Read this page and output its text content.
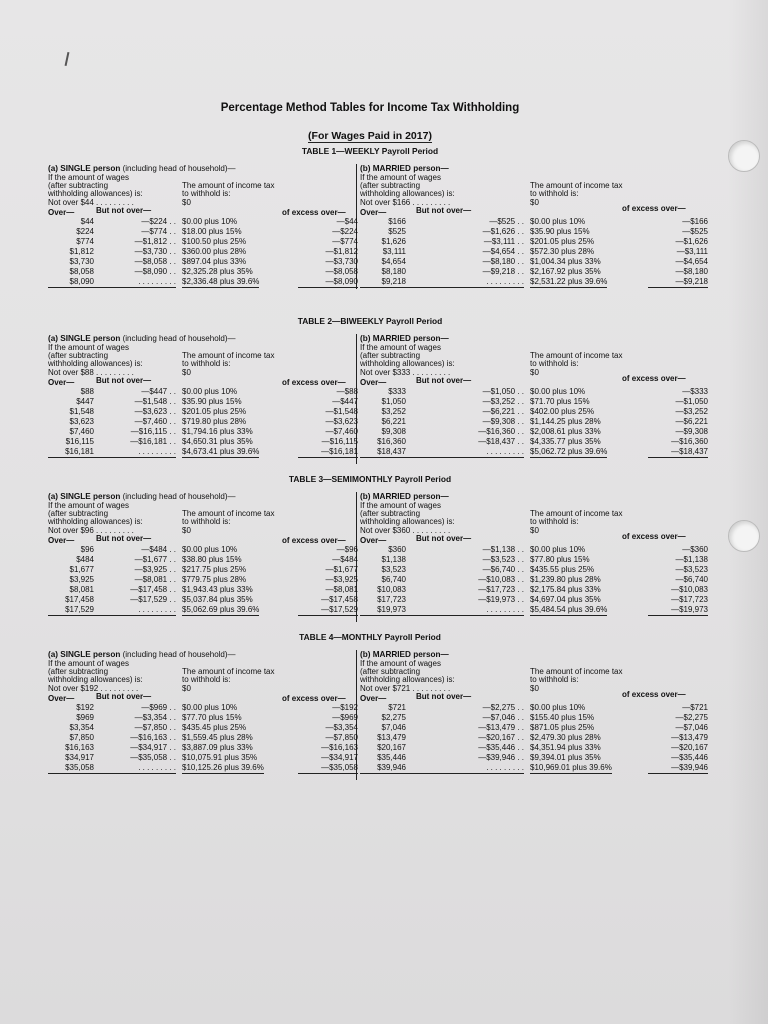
Percentage Method Tables for Income Tax Withholding
(For Wages Paid in 2017)
TABLE 1—WEEKLY Payroll Period
(a) SINGLE person (including head of household)—
If the amount of wages
(after subtracting
withholding allowances) is:
The amount of income tax
to withhold is:
Not over $44 . . . . . . . . .	$0
Over—	But not over—	of excess over—
$44	—$224 . . $0.00 plus 10%	—$44
$224	—$774 . . $18.00 plus 15%	—$224
$774	—$1,812 . . $100.50 plus 25%	—$774
$1,812	—$3,730 . . $360.00 plus 28%	—$1,812
$3,730	—$8,058 . . $897.04 plus 33%	—$3,730
$8,058	—$8,090 . . $2,325.28 plus 35%	—$8,058
$8,090	. . . . . . . . . $2,336.48 plus 39.6%	—$8,090
(b) MARRIED person—
If the amount of wages
(after subtracting
withholding allowances) is:
The amount of income tax
to withhold is:
Not over $166 . . . . . . . . .	$0
Over—	But not over—	of excess over—
$166	—$525 . . $0.00 plus 10%	—$166
$525	—$1,626 . . $35.90 plus 15%	—$525
$1,626	—$3,111 . . $201.05 plus 25%	—$1,626
$3,111	—$4,654 . . $572.30 plus 28%	—$3,111
$4,654	—$8,180 . . $1,004.34 plus 33%	—$4,654
$8,180	—$9,218 . . $2,167.92 plus 35%	—$8,180
$9,218	. . . . . . . . . $2,531.22 plus 39.6%	—$9,218
TABLE 2—BIWEEKLY Payroll Period
(a) SINGLE person (including head of household)—
If the amount of wages
(after subtracting
withholding allowances) is:
The amount of income tax
to withhold is:
Not over $88 . . . . . . . . .	$0
Over—	But not over—	of excess over—
$88	—$447 . . $0.00 plus 10%	—$88
$447	—$1,548 . . $35.90 plus 15%	—$447
$1,548	—$3,623 . . $201.05 plus 25%	—$1,548
$3,623	—$7,460 . . $719.80 plus 28%	—$3,623
$7,460	—$16,115 . . $1,794.16 plus 33%	—$7,460
$16,115	—$16,181 . . $4,650.31 plus 35%	—$16,115
$16,181	. . . . . . . . . $4,673.41 plus 39.6%	—$16,181
(b) MARRIED person—
If the amount of wages
(after subtracting
withholding allowances) is:
The amount of income tax
to withhold is:
Not over $333 . . . . . . . . .	$0
Over—	But not over—	of excess over—
$333	—$1,050 . . $0.00 plus 10%	—$333
$1,050	—$3,252 . . $71.70 plus 15%	—$1,050
$3,252	—$6,221 . . $402.00 plus 25%	—$3,252
$6,221	—$9,308 . . $1,144.25 plus 28%	—$6,221
$9,308	—$16,360 . . $2,008.61 plus 33%	—$9,308
$16,360	—$18,437 . . $4,335.77 plus 35%	—$16,360
$18,437	. . . . . . . . . $5,062.72 plus 39.6%	—$18,437
TABLE 3—SEMIMONTHLY Payroll Period
(a) SINGLE person (including head of household)—
If the amount of wages
(after subtracting
withholding allowances) is:
The amount of income tax
to withhold is:
Not over $96 . . . . . . . . .	$0
Over—	But not over—	of excess over—
$96	—$484 . . $0.00 plus 10%	—$96
$484	—$1,677 . . $38.80 plus 15%	—$484
$1,677	—$3,925 . . $217.75 plus 25%	—$1,677
$3,925	—$8,081 . . $779.75 plus 28%	—$3,925
$8,081	—$17,458 . . $1,943.43 plus 33%	—$8,081
$17,458	—$17,529 . . $5,037.84 plus 35%	—$17,458
$17,529	. . . . . . . . . $5,062.69 plus 39.6%	—$17,529
(b) MARRIED person—
If the amount of wages
(after subtracting
withholding allowances) is:
The amount of income tax
to withhold is:
Not over $360 . . . . . . . . .	$0
Over—	But not over—	of excess over—
$360	—$1,138 . . $0.00 plus 10%	—$360
$1,138	—$3,523 . . $77.80 plus 15%	—$1,138
$3,523	—$6,740 . . $435.55 plus 25%	—$3,523
$6,740	—$10,083 . . $1,239.80 plus 28%	—$6,740
$10,083	—$17,723 . . $2,175.84 plus 33%	—$10,083
$17,723	—$19,973 . . $4,697.04 plus 35%	—$17,723
$19,973	. . . . . . . . . $5,484.54 plus 39.6%	—$19,973
TABLE 4—MONTHLY Payroll Period
(a) SINGLE person (including head of household)—
If the amount of wages
(after subtracting
withholding allowances) is:
The amount of income tax
to withhold is:
Not over $192 . . . . . . . . .	$0
Over—	But not over—	of excess over—
$192	—$969 . . $0.00 plus 10%	—$192
$969	—$3,354 . . $77.70 plus 15%	—$969
$3,354	—$7,850 . . $435.45 plus 25%	—$3,354
$7,850	—$16,163 . . $1,559.45 plus 28%	—$7,850
$16,163	—$34,917 . . $3,887.09 plus 33%	—$16,163
$34,917	—$35,058 . . $10,075.91 plus 35%	—$34,917
$35,058	. . . . . . . . . $10,125.26 plus 39.6%	—$35,058
(b) MARRIED person—
If the amount of wages
(after subtracting
withholding allowances) is:
The amount of income tax
to withhold is:
Not over $721 . . . . . . . . .	$0
Over—	But not over—	of excess over—
$721	—$2,275 . . $0.00 plus 10%	—$721
$2,275	—$7,046 . . $155.40 plus 15%	—$2,275
$7,046	—$13,479 . . $871.05 plus 25%	—$7,046
$13,479	—$20,167 . . $2,479.30 plus 28%	—$13,479
$20,167	—$35,446 . . $4,351.94 plus 33%	—$20,167
$35,446	—$39,946 . . $9,394.01 plus 35%	—$35,446
$39,946	. . . . . . . . . $10,969.01 plus 39.6%	—$39,946
